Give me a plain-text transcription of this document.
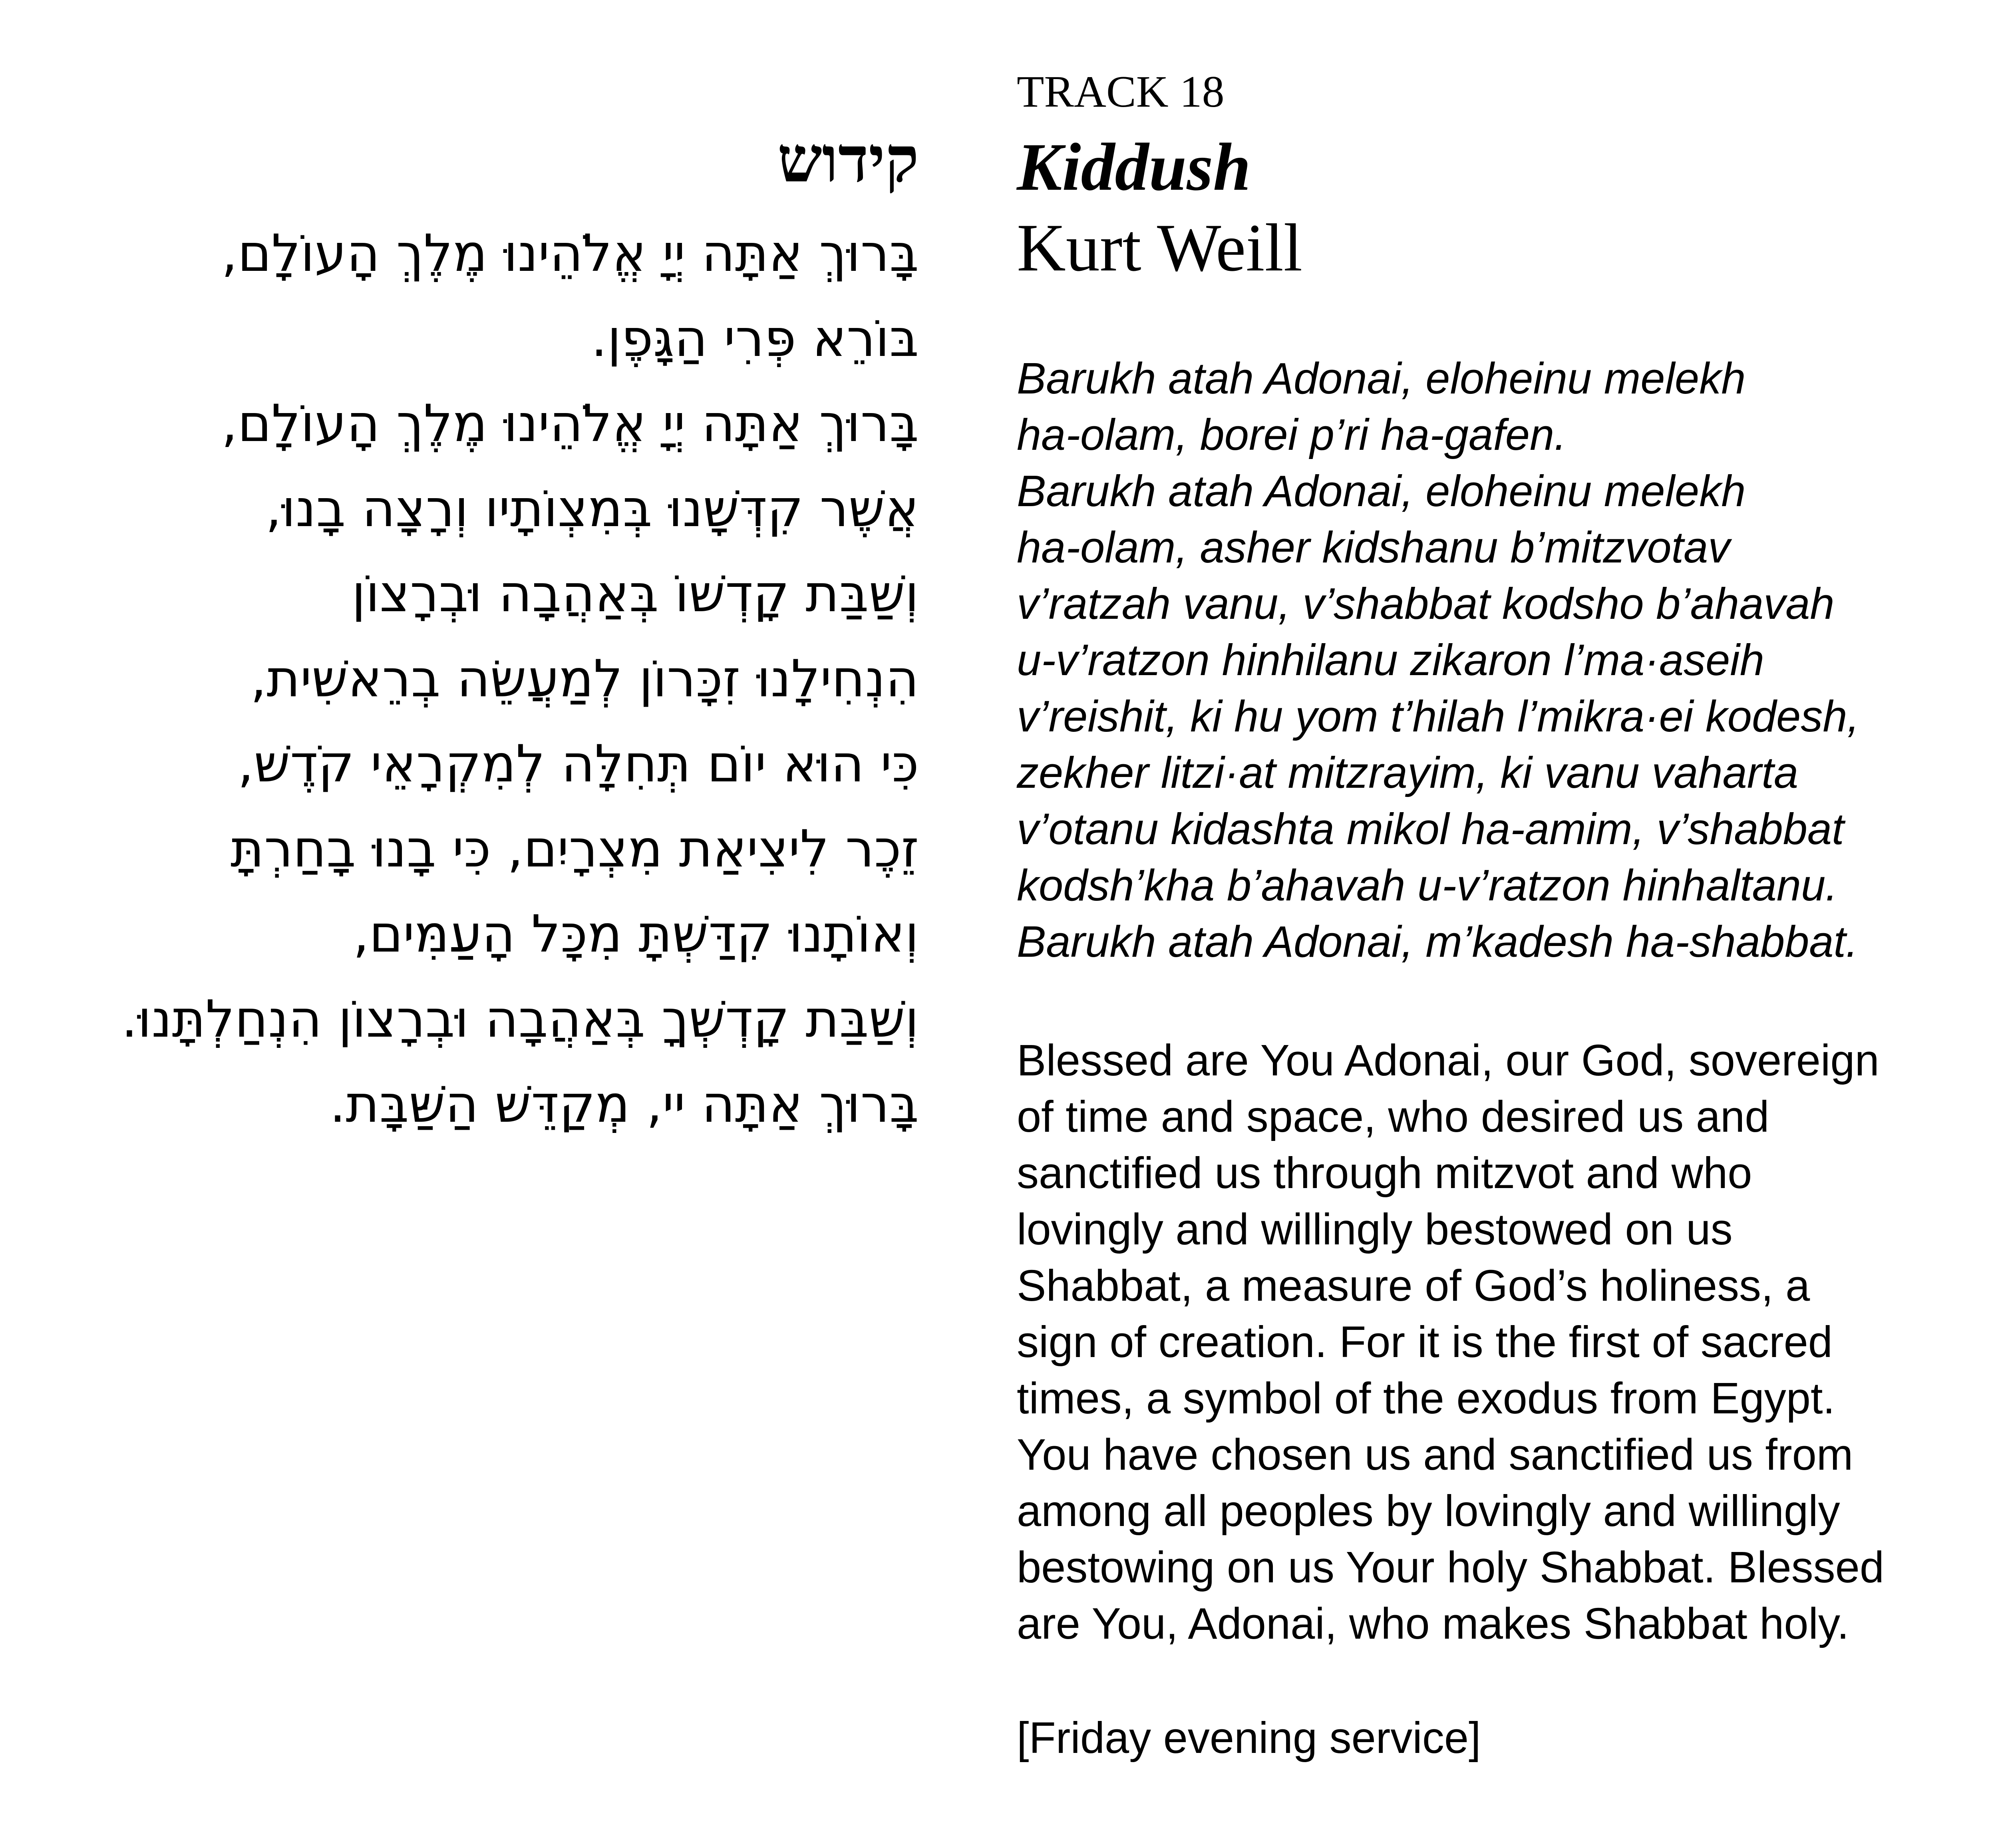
קידוש
בָּרוּךְ אַתָּה יְיָ אֱלֹהֵינוּ מֶלֶךְ הָעוֹלָם,
בּוֹרֵא פְּרִי הַגָּפֶן.
בָּרוּךְ אַתָּה יְיָ אֱלֹהֵינוּ מֶלֶךְ הָעוֹלָם,
אֲשֶׁר קִדְּשָׁנוּ בְּמִצְוֹתָיו וְרָצָה בָנוּ,
וְשַׁבַּת קָדְשׁוֹ בְּאַהֲבָה וּבְרָצוֹן
הִנְחִילָנוּ זִכָּרוֹן לְמַעֲשֵׂה בְרֵאשִׁית,
כִּי הוּא יוֹם תְּחִלָּה לְמִקְרָאֵי קֹדֶשׁ,
זֵכֶר לִיצִיאַת מִצְרָיִם, כִּי בָנוּ בָחַרְתָּ
וְאוֹתָנוּ קִדַּשְׁתָּ מִכָּל הָעַמִּים,
וְשַׁבַּת קָדְשְׁךָ בְּאַהֲבָה וּבְרָצוֹן הִנְחַלְתָּנוּ.
בָּרוּךְ אַתָּה יי, מְקַדֵּשׁ הַשַּׁבָּת.

TRACK 18

Kiddush

Kurt Weill

Barukh atah Adonai, eloheinu melekh
ha-olam, borei p’ri ha-gafen.
Barukh atah Adonai, eloheinu melekh
ha-olam, asher kidshanu b’mitzvotav
v’ratzah vanu, v’shabbat kodsho b’ahavah
u-v’ratzon hinhilanu zikaron l’ma·aseih
v’reishit, ki hu yom t’hilah l’mikra·ei kodesh,
zekher litzi·at mitzrayim, ki vanu vaharta
v’otanu kidashta mikol ha-amim, v’shabbat
kodsh’kha b’ahavah u-v’ratzon hinhaltanu.
Barukh atah Adonai, m’kadesh ha-shabbat.
Blessed are You Adonai, our God, sovereign
of time and space, who desired us and
sanctified us through mitzvot and who
lovingly and willingly bestowed on us
Shabbat, a measure of God’s holiness, a
sign of creation. For it is the first of sacred
times, a symbol of the exodus from Egypt.
You have chosen us and sanctified us from
among all peoples by lovingly and willingly
bestowing on us Your holy Shabbat. Blessed
are You, Adonai, who makes Shabbat holy.

[Friday evening service]
